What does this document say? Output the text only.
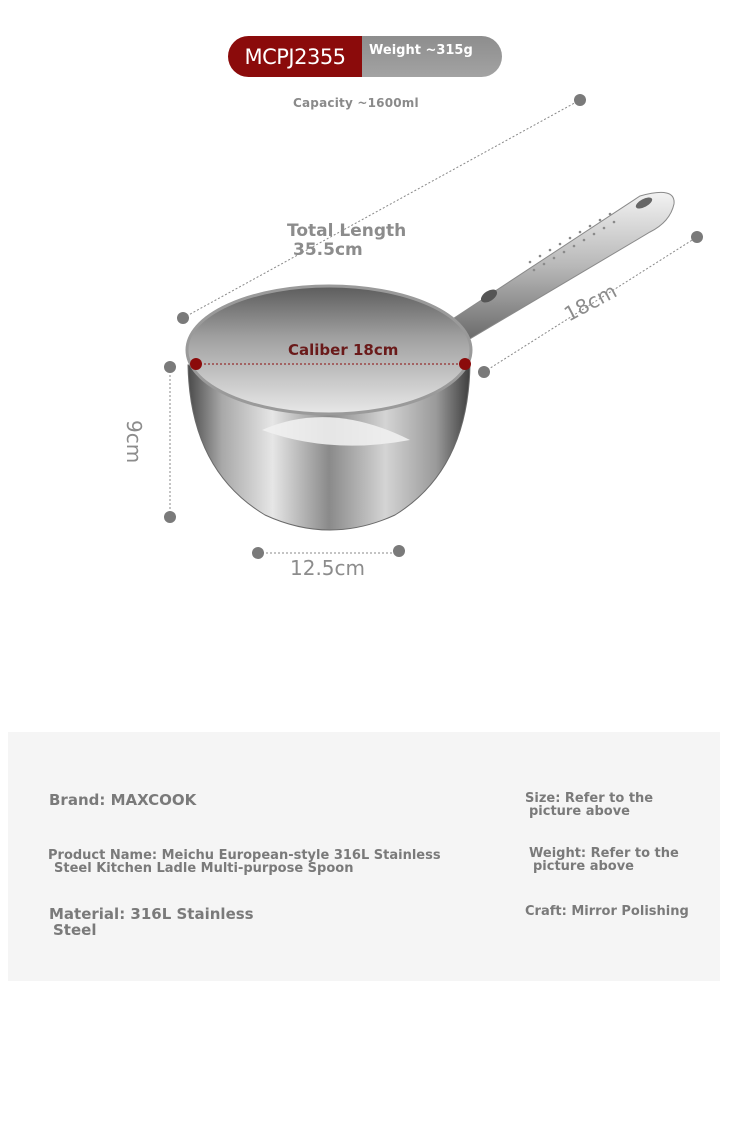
MCPJ2355	Weight ~315g
Capacity ~1600ml
Total Length
35.5cm
Caliber 18cm
18cm
9cm
12.5cm
Brand: MAXCOOK
Product Name: Meichu European-style 316L Stainless
Steel Kitchen Ladle Multi-purpose Spoon
Material: 316L Stainless
Steel
Size: Refer to the
picture above
Weight: Refer to the
picture above
Craft: Mirror Polishing
